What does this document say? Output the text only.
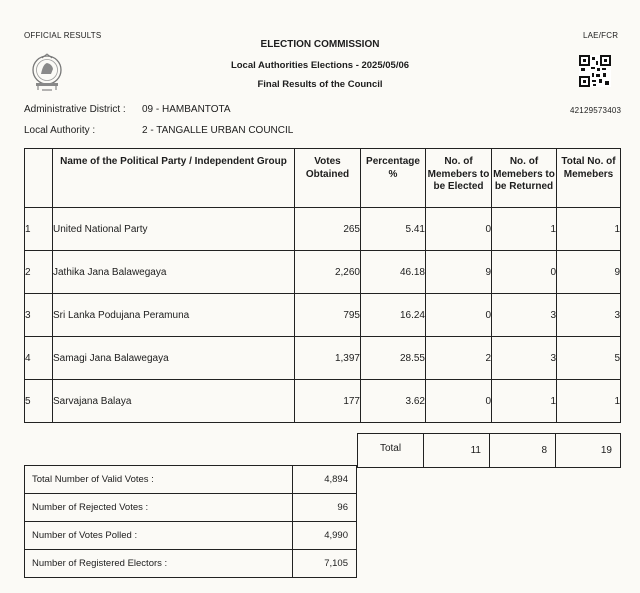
OFFICIAL RESULTS	LAE/FCR
ELECTION COMMISSION
Local Authorities Elections - 2025/05/06
Final Results of the Council
42129573403
Administrative District : 09 - HAMBANTOTA
Local Authority :	2 - TANGALLE URBAN COUNCIL
	Name of the Political Party / Independent Group	Votes Obtained	Percentage %	No. of Memebers to be Elected	No. of Memebers to be Returned	Total No. of Memebers
1	United National Party	265	5.41	0	1	1
2	Jathika Jana Balawegaya	2,260	46.18	9	0	9
3	Sri Lanka Podujana Peramuna	795	16.24	0	3	3
4	Samagi Jana Balawegaya	1,397	28.55	2	3	5
5	Sarvajana Balaya	177	3.62	0	1	1
Total	11	8	19
Total Number of Valid Votes :	4,894
Number of Rejected Votes :	96
Number of Votes Polled :	4,990
Number of Registered Electors :	7,105
